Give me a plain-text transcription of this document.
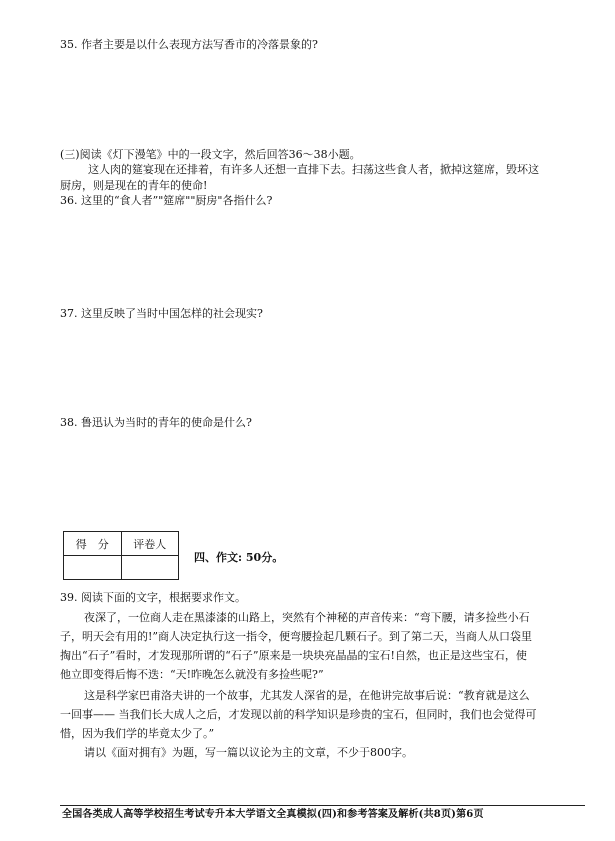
35. 作者主要是以什么表现方法写香市的冷落景象的?
(三)阅读《灯下漫笔》中的一段文字，然后回答36～38小题。
这人肉的筵宴现在还排着，有许多人还想一直排下去。扫荡这些食人者，掀掉这筵席，毁坏这
厨房，则是现在的青年的使命!
36. 这里的“食人者”"筵席""厨房"各指什么?
37. 这里反映了当时中国怎样的社会现实?
38. 鲁迅认为当时的青年的使命是什么?
得　分	评卷人

四、作文: 50分。
39. 阅读下面的文字，根据要求作文。
夜深了，一位商人走在黑漆漆的山路上，突然有个神秘的声音传来：“弯下腰，请多捡些小石
子，明天会有用的!”商人决定执行这一指令，便弯腰捡起几颗石子。到了第二天，当商人从口袋里
掏出“石子”看时，才发现那所谓的“石子”原来是一块块亮晶晶的宝石!自然，也正是这些宝石，使
他立即变得后悔不迭：“天!昨晚怎么就没有多捡些呢?”
这是科学家巴甫洛夫讲的一个故事，尤其发人深省的是，在他讲完故事后说：“教育就是这么
一回事—— 当我们长大成人之后，才发现以前的科学知识是珍贵的宝石，但同时，我们也会觉得可
惜，因为我们学的毕竟太少了。”
请以《面对拥有》为题，写一篇以议论为主的文章，不少于800字。
全国各类成人高等学校招生考试专升本大学语文全真模拟(四)和参考答案及解析(共8页)第6页
